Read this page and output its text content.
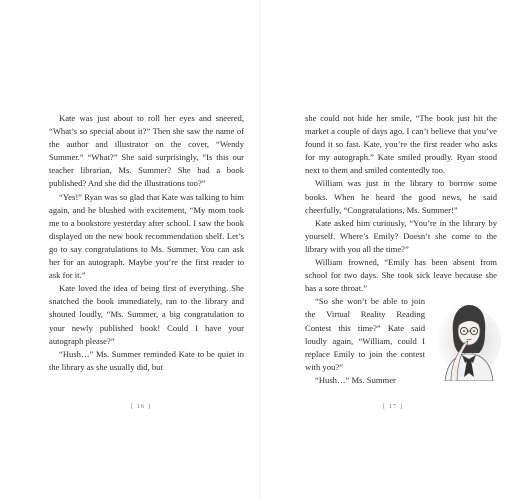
Kate was just about to roll her eyes and sneered, “What’s so special about it?” Then she saw the name of the author and illustrator on the cover, “Wendy Summer.” “What?” She said surprisingly, “Is this our teacher librarian, Ms. Summer? She had a book published? And she did the illustrations too?”

“Yes!” Ryan was so glad that Kate was talking to him again, and he blushed with excitement, “My mom took me to a bookstore yesterday after school. I saw the book displayed on the new book recommendation shelf. Let’s go to say congratulations to Ms. Summer. You can ask her for an autograph. Maybe you’re the first reader to ask for it.”

Kate loved the idea of being first of everything. She snatched the book immediately, ran to the library and shouted loudly, “Ms. Summer, a big congratulation to your newly published book! Could I have your autograph please?”

“Hush…” Ms. Summer reminded Kate to be quiet in the library as she usually did, but

[ 16 ]

she could not hide her smile, “The book just hit the market a couple of days ago. I can’t believe that you’ve found it so fast. Kate, you’re the first reader who asks for my autograph.” Kate smiled proudly. Ryan stood next to them and smiled contentedly too.

William was just in the library to borrow some books. When he heard the good news, he said cheerfully, “Congratulations, Ms. Summer!”

Kate asked him curiously, “You’re in the library by yourself. Where’s Emily? Doesn’t she come to the library with you all the time?”

William frowned, “Emily has been absent from school for two days. She took sick leave because she has a sore throat.”

“So she won’t be able to join the Virtual Reality Reading Contest this time?” Kate said loudly again, “William, could I replace Emily to join the contest with you?”

“Hush…” Ms. Summer

[ 17 ]
